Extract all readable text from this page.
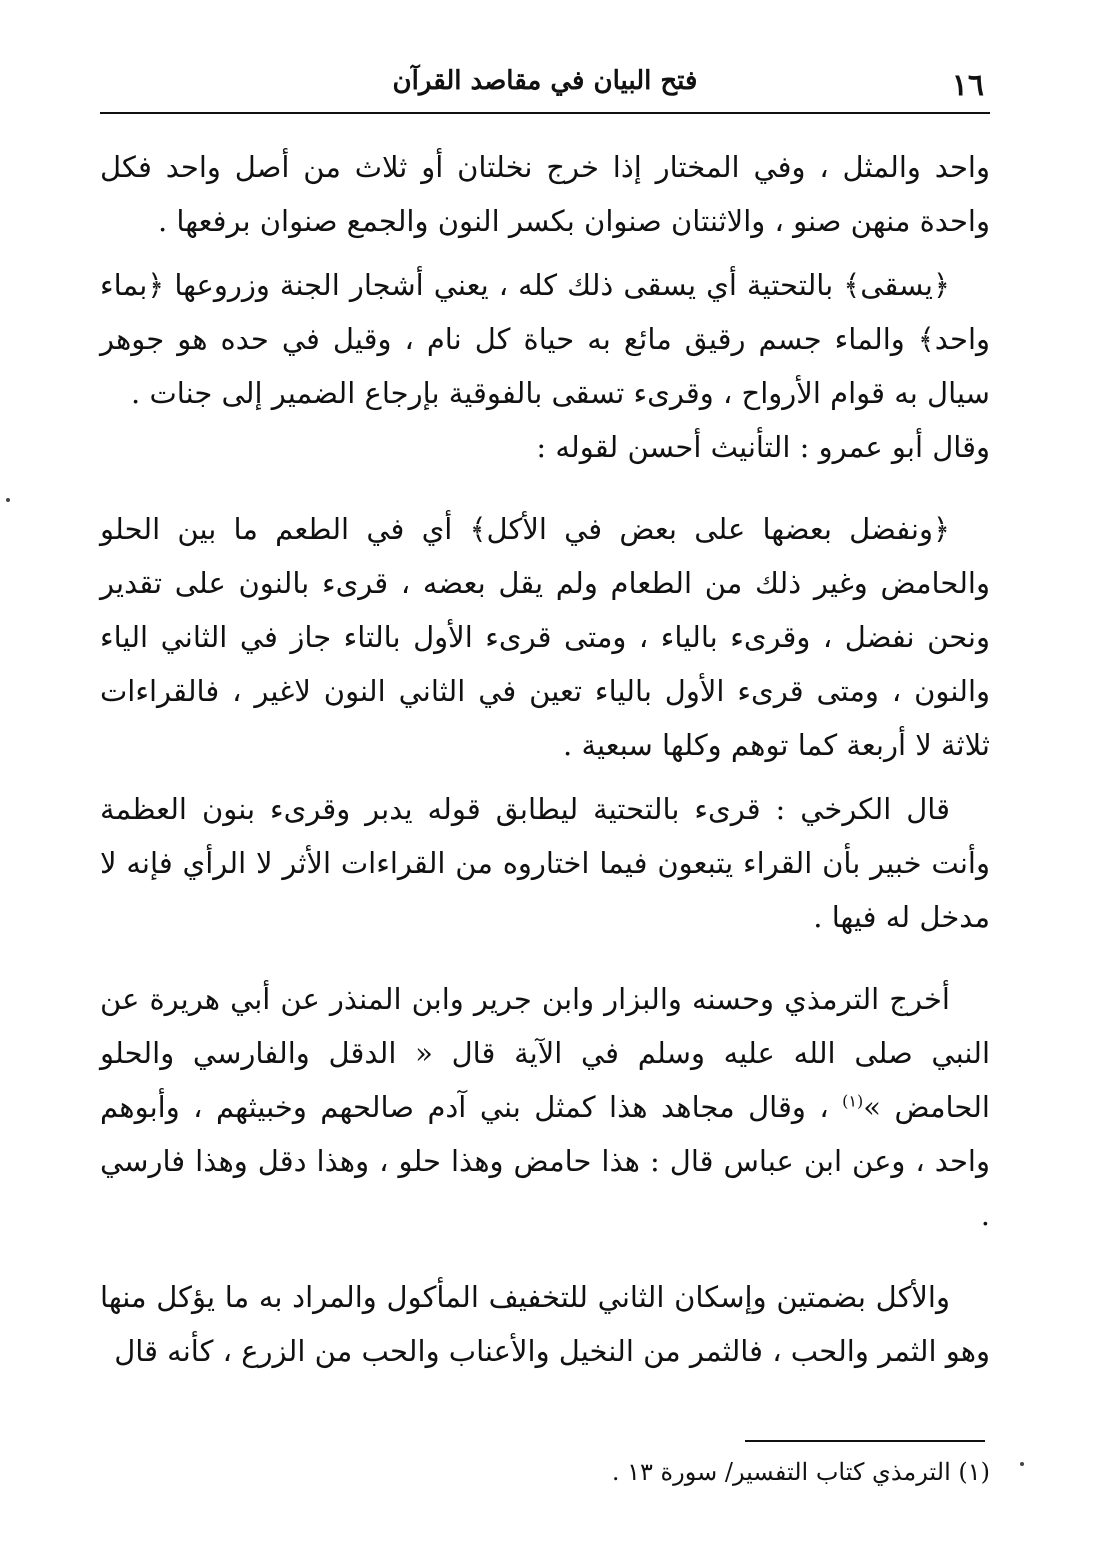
١٦
فتح البيان في مقاصد القرآن

واحد والمثل ، وفي المختار إذا خرج نخلتان أو ثلاث من أصل واحد فكل واحدة منهن صنو ، والاثنتان صنوان بكسر النون والجمع صنوان برفعها .

﴿يسقى﴾ بالتحتية أي يسقى ذلك كله ، يعني أشجار الجنة وزروعها ﴿بماء واحد﴾ والماء جسم رقيق مائع به حياة كل نام ، وقيل في حده هو جوهر سيال به قوام الأرواح ، وقرىء تسقى بالفوقية بإرجاع الضمير إلى جنات .

وقال أبو عمرو : التأنيث أحسن لقوله :

﴿ونفضل بعضها على بعض في الأكل﴾ أي في الطعم ما بين الحلو والحامض وغير ذلك من الطعام ولم يقل بعضه ، قرىء بالنون على تقدير ونحن نفضل ، وقرىء بالياء ، ومتى قرىء الأول بالتاء جاز في الثاني الياء والنون ، ومتى قرىء الأول بالياء تعين في الثاني النون لاغير ، فالقراءات ثلاثة لا أربعة كما توهم وكلها سبعية .

قال الكرخي : قرىء بالتحتية ليطابق قوله يدبر وقرىء بنون العظمة وأنت خبير بأن القراء يتبعون فيما اختاروه من القراءات الأثر لا الرأي فإنه لا مدخل له فيها .

أخرج الترمذي وحسنه والبزار وابن جرير وابن المنذر عن أبي هريرة عن النبي صلى الله عليه وسلم في الآية قال « الدقل والفارسي والحلو الحامض »$^{(١)}$ ، وقال مجاهد هذا كمثل بني آدم صالحهم وخبيثهم ، وأبوهم واحد ، وعن ابن عباس قال : هذا حامض وهذا حلو ، وهذا دقل وهذا فارسي .

والأكل بضمتين وإسكان الثاني للتخفيف المأكول والمراد به ما يؤكل منها وهو الثمر والحب ، فالثمر من النخيل والأعناب والحب من الزرع ، كأنه قال

(١) الترمذي كتاب التفسير/ سورة ١٣ .
